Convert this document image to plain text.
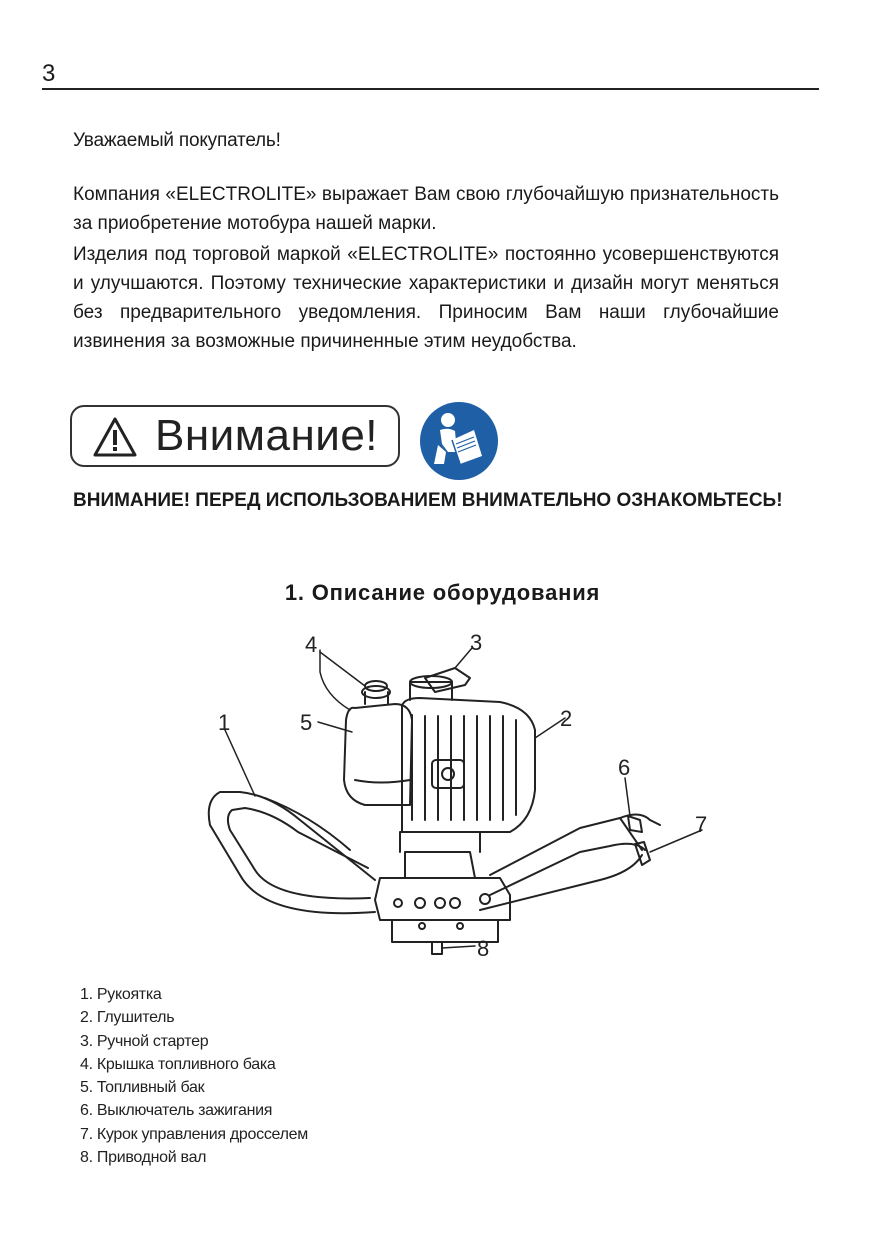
3
Уважаемый покупатель!

Компания «ELECTROLITE» выражает Вам свою глубочайшую признательность за приобретение мотобура нашей марки.

Изделия под торговой маркой «ELECTROLITE» постоянно усовершенствуются и улучшаются. Поэтому технические характеристики и дизайн могут меняться без предварительного уведомления. Приносим Вам наши глубочайшие извинения за возможные причиненные этим неудобства.

Внимание!

ВНИМАНИЕ! ПЕРЕД ИСПОЛЬЗОВАНИЕМ ВНИМАТЕЛЬНО ОЗНАКОМЬТЕСЬ!

1. Описание оборудования
1	2
3
4
5
6
7
8
1. Рукоятка
2. Глушитель
3. Ручной стартер
4. Крышка топливного бака
5. Топливный бак
6. Выключатель зажигания
7. Курок управления дросселем
8. Приводной вал
